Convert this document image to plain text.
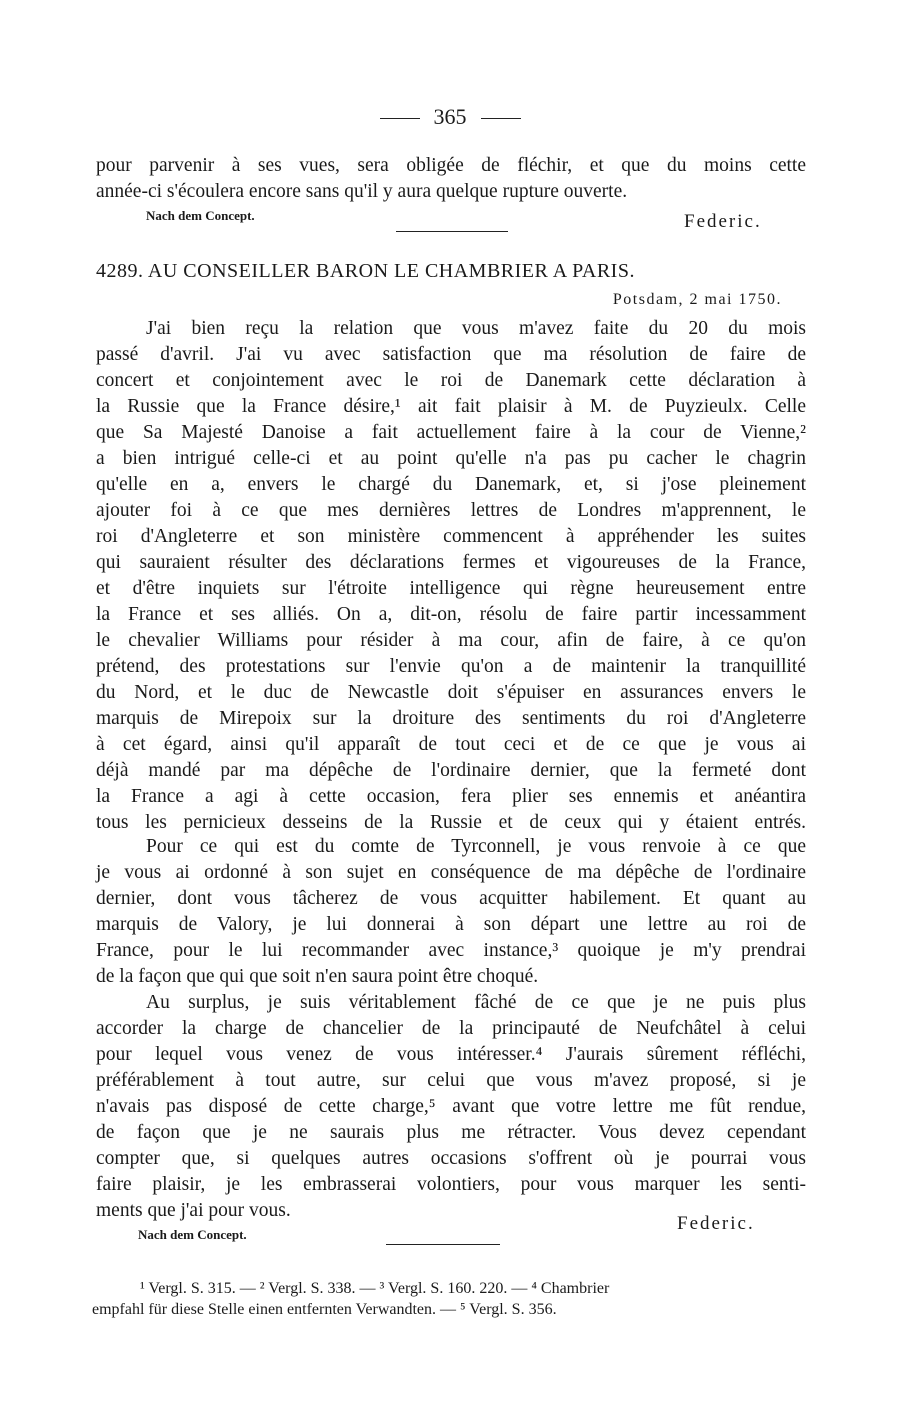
365
pour parvenir à ses vues, sera obligée de fléchir, et que du moins cette
année-ci s'écoulera encore sans qu'il y aura quelque rupture ouverte.
Nach dem Concept.	Federic.
4289. AU CONSEILLER BARON LE CHAMBRIER A PARIS.
Potsdam, 2 mai 1750.
J'ai bien reçu la relation que vous m'avez faite du 20 du mois
passé d'avril. J'ai vu avec satisfaction que ma résolution de faire de
concert et conjointement avec le roi de Danemark cette déclaration à
la Russie que la France désire,¹ ait fait plaisir à M. de Puyzieulx. Celle
que Sa Majesté Danoise a fait actuellement faire à la cour de Vienne,²
a bien intrigué celle-ci et au point qu'elle n'a pas pu cacher le chagrin
qu'elle en a, envers le chargé du Danemark, et, si j'ose pleinement
ajouter foi à ce que mes dernières lettres de Londres m'apprennent, le
roi d'Angleterre et son ministère commencent à appréhender les suites
qui sauraient résulter des déclarations fermes et vigoureuses de la France,
et d'être inquiets sur l'étroite intelligence qui règne heureusement entre
la France et ses alliés. On a, dit-on, résolu de faire partir incessamment
le chevalier Williams pour résider à ma cour, afin de faire, à ce qu'on
prétend, des protestations sur l'envie qu'on a de maintenir la tranquillité
du Nord, et le duc de Newcastle doit s'épuiser en assurances envers le
marquis de Mirepoix sur la droiture des sentiments du roi d'Angleterre
à cet égard, ainsi qu'il apparaît de tout ceci et de ce que je vous ai
déjà mandé par ma dépêche de l'ordinaire dernier, que la fermeté dont
la France a agi à cette occasion, fera plier ses ennemis et anéantira
tous les pernicieux desseins de la Russie et de ceux qui y étaient entrés.
Pour ce qui est du comte de Tyrconnell, je vous renvoie à ce que
je vous ai ordonné à son sujet en conséquence de ma dépêche de l'ordinaire
dernier, dont vous tâcherez de vous acquitter habilement. Et quant au
marquis de Valory, je lui donnerai à son départ une lettre au roi de
France, pour le lui recommander avec instance,³ quoique je m'y prendrai
de la façon que qui que soit n'en saura point être choqué.
Au surplus, je suis véritablement fâché de ce que je ne puis plus
accorder la charge de chancelier de la principauté de Neufchâtel à celui
pour lequel vous venez de vous intéresser.⁴ J'aurais sûrement réfléchi,
préférablement à tout autre, sur celui que vous m'avez proposé, si je
n'avais pas disposé de cette charge,⁵ avant que votre lettre me fût rendue,
de façon que je ne saurais plus me rétracter. Vous devez cependant
compter que, si quelques autres occasions s'offrent où je pourrai vous
faire plaisir, je les embrasserai volontiers, pour vous marquer les senti-
ments que j'ai pour vous.
Federic.
Nach dem Concept.
¹ Vergl. S. 315. — ² Vergl. S. 338. — ³ Vergl. S. 160. 220. — ⁴ Chambrier
empfahl für diese Stelle einen entfernten Verwandten. — ⁵ Vergl. S. 356.
